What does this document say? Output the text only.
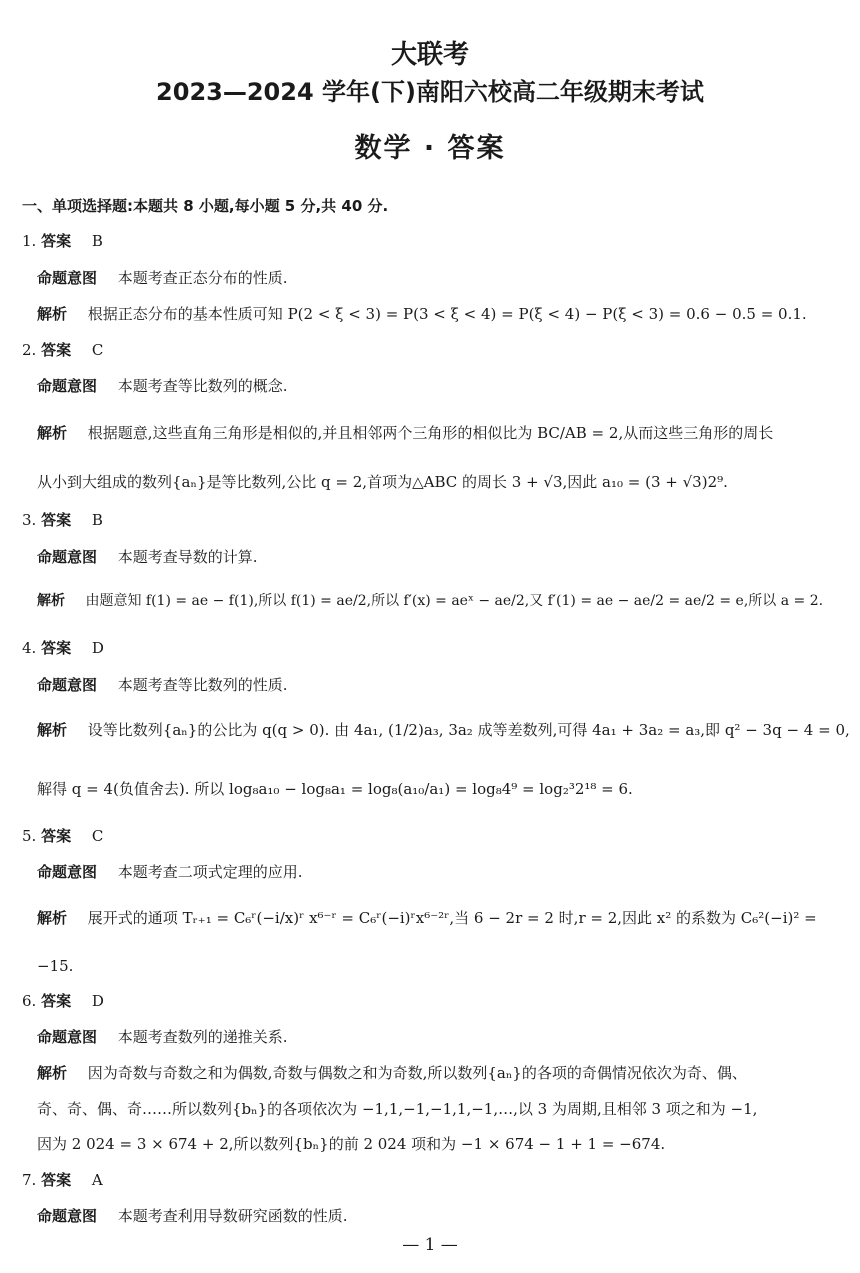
大联考
2023—2024 学年(下)南阳六校高二年级期末考试
数学 · 答案
一、单项选择题:本题共 8 小题,每小题 5 分,共 40 分.
1. 答案 B
命题意图 本题考查正态分布的性质.
解析 根据正态分布的基本性质可知 P(2 < ξ < 3) = P(3 < ξ < 4) = P(ξ < 4) − P(ξ < 3) = 0.6 − 0.5 = 0.1.
2. 答案 C
命题意图 本题考查等比数列的概念.
解析 根据题意,这些直角三角形是相似的,并且相邻两个三角形的相似比为 BC/AB = 2,从而这些三角形的周长
从小到大组成的数列{aₙ}是等比数列,公比 q = 2,首项为△ABC 的周长 3 + √3,因此 a₁₀ = (3 + √3)2⁹.
3. 答案 B
命题意图 本题考查导数的计算.
解析 由题意知 f(1) = ae − f(1),所以 f(1) = ae/2,所以 f′(x) = aeˣ − ae/2,又 f′(1) = ae − ae/2 = ae/2 = e,所以 a = 2.
4. 答案 D
命题意图 本题考查等比数列的性质.
解析 设等比数列{aₙ}的公比为 q(q > 0). 由 4a₁, (1/2)a₃, 3a₂ 成等差数列,可得 4a₁ + 3a₂ = a₃,即 q² − 3q − 4 = 0,
解得 q = 4(负值舍去). 所以 log₈a₁₀ − log₈a₁ = log₈(a₁₀/a₁) = log₈4⁹ = log₂³2¹⁸ = 6.
5. 答案 C
命题意图 本题考查二项式定理的应用.
解析 展开式的通项 Tᵣ₊₁ = C₆ʳ(−i/x)ʳ x⁶⁻ʳ = C₆ʳ(−i)ʳx⁶⁻²ʳ,当 6 − 2r = 2 时,r = 2,因此 x² 的系数为 C₆²(−i)² =
−15.
6. 答案 D
命题意图 本题考查数列的递推关系.
解析 因为奇数与奇数之和为偶数,奇数与偶数之和为奇数,所以数列{aₙ}的各项的奇偶情况依次为奇、偶、
奇、奇、偶、奇……所以数列{bₙ}的各项依次为 −1,1,−1,−1,1,−1,…,以 3 为周期,且相邻 3 项之和为 −1,
因为 2 024 = 3 × 674 + 2,所以数列{bₙ}的前 2 024 项和为 −1 × 674 − 1 + 1 = −674.
7. 答案 A
命题意图 本题考查利用导数研究函数的性质.
— 1 —
